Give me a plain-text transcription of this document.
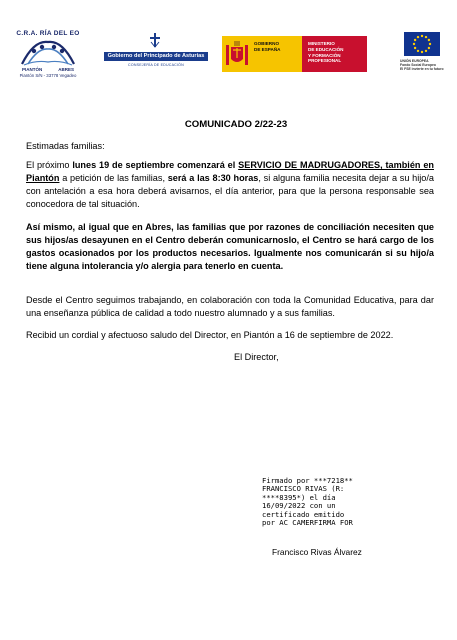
C.R.A. RÍA DEL EO
PIANTÓN	ABRES
Piantón S/N - 33778 Vegadeo
Gobierno del Principado de Asturias
CONSEJERÍA DE EDUCACIÓN
GOBIERNO
DE ESPAÑA
MINISTERIO
DE EDUCACIÓN
Y FORMACIÓN PROFESIONAL	UNIÓN EUROPEA
Fondo Social Europeo
El FSE invierte en tu futuro
COMUNICADO 2/22-23
Estimadas familias:

El próximo lunes 19 de septiembre comenzará el SERVICIO DE MADRUGADORES, también en Piantón a petición de las familias, será a las 8:30 horas, si alguna familia necesita dejar a su hijo/a con antelación a esa hora deberá avisarnos, el día anterior, para que la persona responsable sea conocedora de tal situación.

Así mismo, al igual que en Abres, las familias que por razones de conciliación necesiten que sus hijos/as desayunen en el Centro deberán comunicarnoslo, el Centro se hará cargo de los gastos ocasionados por los productos necesarios. Igualmente nos comunicarán si su hijo/a tiene alguna intolerancia y/o alergia para tenerlo en cuenta.

Desde el Centro seguimos trabajando, en colaboración con toda la Comunidad Educativa, para dar una enseñanza pública de calidad a todo nuestro alumnado y a sus familias.

Recibid un cordial y afectuoso saludo del Director, en Piantón a 16 de septiembre de 2022.

El Director,
Firmado por ***7218**
FRANCISCO RIVAS (R:
****8395*) el día
16/09/2022 con un
certificado emitido
por AC CAMERFIRMA FOR
Francisco Rivas Álvarez
